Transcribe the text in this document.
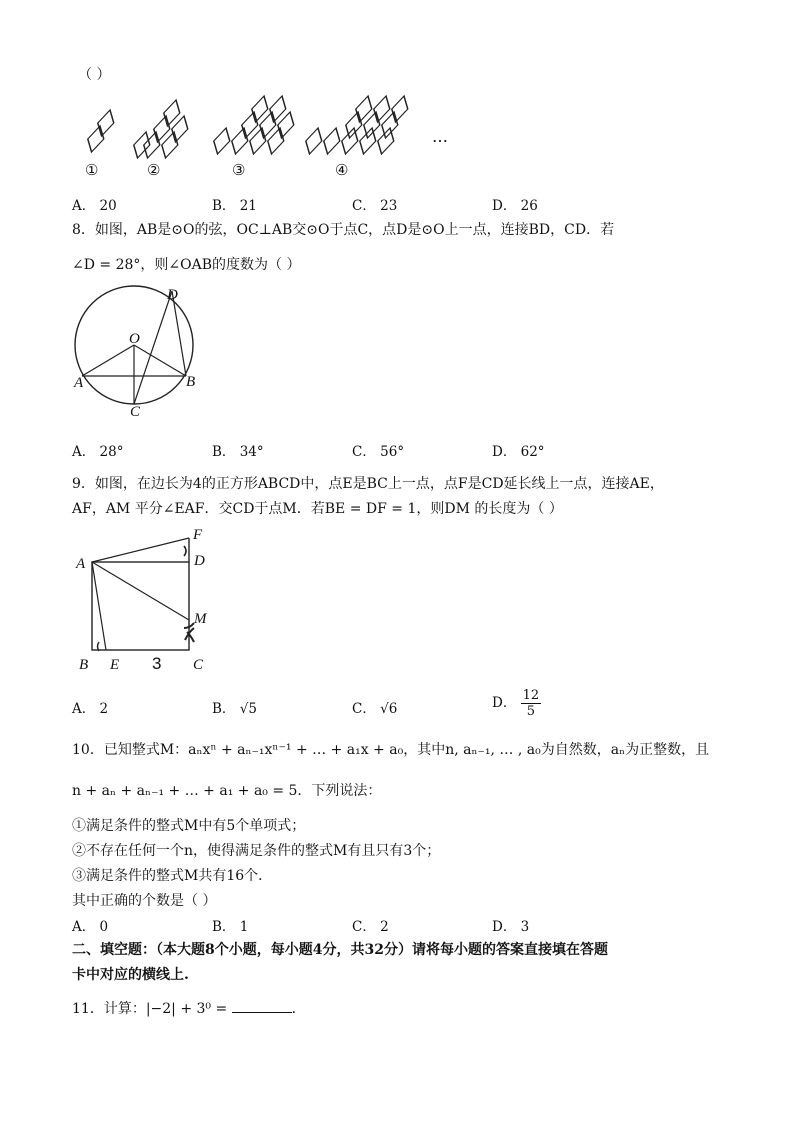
（ ）
①	②	③	④
…
A． 20	B． 21	C． 23	D． 26
8．如图，AB是⊙O的弦，OC⊥AB交⊙O于点C，点D是⊙O上一点，连接BD，CD．若
∠D = 28°，则∠OAB的度数为（ ）
D
O
A	B
C
A． 28°	B． 34°	C． 56°	D． 62°
9．如图，在边长为4的正方形ABCD中，点E是BC上一点，点F是CD延长线上一点，连接AE，
AF，AM 平分∠EAF．交CD于点M．若BE = DF = 1，则DM 的长度为（ ）
F
A	D
M
B E 3 C
A． 2	B． √5	C． √6	D． $\frac{12}{5}$
10．已知整式M：aₙxⁿ + aₙ₋₁xⁿ⁻¹ + … + a₁x + a₀，其中n, aₙ₋₁, … , a₀为自然数，aₙ为正整数，且
n + aₙ + aₙ₋₁ + … + a₁ + a₀ = 5．下列说法：
①满足条件的整式M中有5个单项式；
②不存在任何一个n，使得满足条件的整式M有且只有3个；
③满足条件的整式M共有16个．
其中正确的个数是（ ）
A． 0	B． 1	C． 2	D． 3
二、填空题：（本大题8个小题，每小题4分，共32分）请将每小题的答案直接填在答题
卡中对应的横线上.
11．计算：|−2| + 3⁰ =	．
